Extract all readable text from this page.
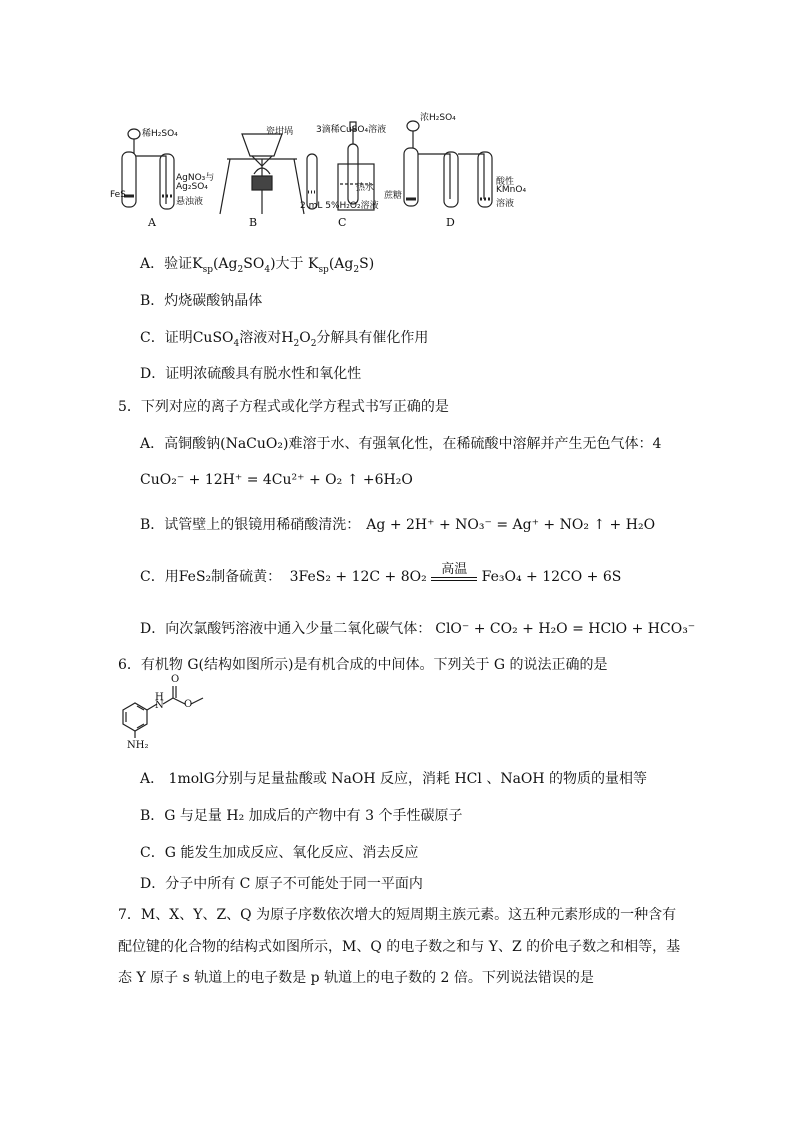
稀H₂SO₄
FeS
AgNO₃与
Ag₂SO₄
悬浊液
瓷坩埚	3滴稀CuSO₄溶液
热水
2 mL 5%H₂O₂溶液
浓H₂SO₄
蔗糖
酸性
KMnO₄
溶液
A	B	C	D
A．验证$K_{sp}(Ag_2SO_4)$大于 $K_{sp}(Ag_2S)$
B．灼烧碳酸钠晶体
C．证明CuSO$_4$溶液对$H_2O_2$分解具有催化作用
D．证明浓硫酸具有脱水性和氧化性
5．下列对应的离子方程式或化学方程式书写正确的是
A．高铜酸钠(NaCuO₂)难溶于水、有强氧化性，在稀硫酸中溶解并产生无色气体：4
CuO₂⁻ + 12H⁺ = 4Cu²⁺ + O₂ ↑ +6H₂O
B．试管壁上的银镜用稀硝酸清洗： Ag + 2H⁺ + NO₃⁻ = Ag⁺ + NO₂ ↑ + H₂O
C．用FeS₂制备硫黄： 3FeS₂ + 12C + 8O₂	高温	Fe₃O₄ + 12CO + 6S
D．向次氯酸钙溶液中通入少量二氧化碳气体： ClO⁻ + CO₂ + H₂O = HClO + HCO₃⁻
6．有机物 G(结构如图所示)是有机合成的中间体。下列关于 G 的说法正确的是
O
H
N O
NH₂
A． 1molG分别与足量盐酸或 NaOH 反应，消耗 HCl 、NaOH 的物质的量相等
B．G 与足量 H₂ 加成后的产物中有 3 个手性碳原子
C．G 能发生加成反应、氧化反应、消去反应
D．分子中所有 C 原子不可能处于同一平面内
7．M、X、Y、Z、Q 为原子序数依次增大的短周期主族元素。这五种元素形成的一种含有
配位键的化合物的结构式如图所示，M、Q 的电子数之和与 Y、Z 的价电子数之和相等，基
态 Y 原子 s 轨道上的电子数是 p 轨道上的电子数的 2 倍。下列说法错误的是
